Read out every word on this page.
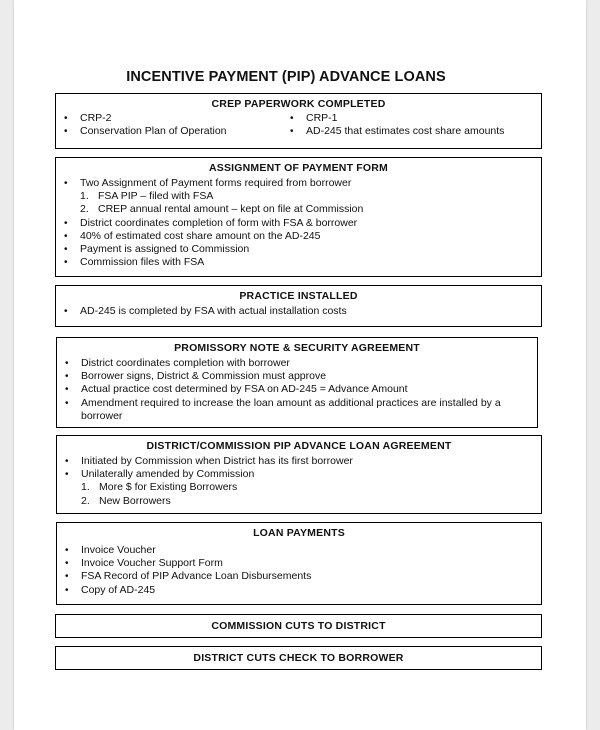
INCENTIVE PAYMENT (PIP) ADVANCE LOANS
CREP PAPERWORK COMPLETED
• CRP-2
• Conservation Plan of Operation
• CRP-1
• AD-245 that estimates cost share amounts
ASSIGNMENT OF PAYMENT FORM
• Two Assignment of Payment forms required from borrower
1. FSA PIP – filed with FSA
2. CREP annual rental amount – kept on file at Commission
• District coordinates completion of form with FSA & borrower
• 40% of estimated cost share amount on the AD-245
• Payment is assigned to Commission
• Commission files with FSA
PRACTICE INSTALLED
• AD-245 is completed by FSA with actual installation costs
PROMISSORY NOTE & SECURITY AGREEMENT
• District coordinates completion with borrower
• Borrower signs, District & Commission must approve
• Actual practice cost determined by FSA on AD-245 = Advance Amount
• Amendment required to increase the loan amount as additional practices are installed by a borrower
DISTRICT/COMMISSION PIP ADVANCE LOAN AGREEMENT
• Initiated by Commission when District has its first borrower
• Unilaterally amended by Commission
1. More $ for Existing Borrowers
2. New Borrowers
LOAN PAYMENTS
• Invoice Voucher
• Invoice Voucher Support Form
• FSA Record of PIP Advance Loan Disbursements
• Copy of AD-245
COMMISSION CUTS TO DISTRICT
DISTRICT CUTS CHECK TO BORROWER
